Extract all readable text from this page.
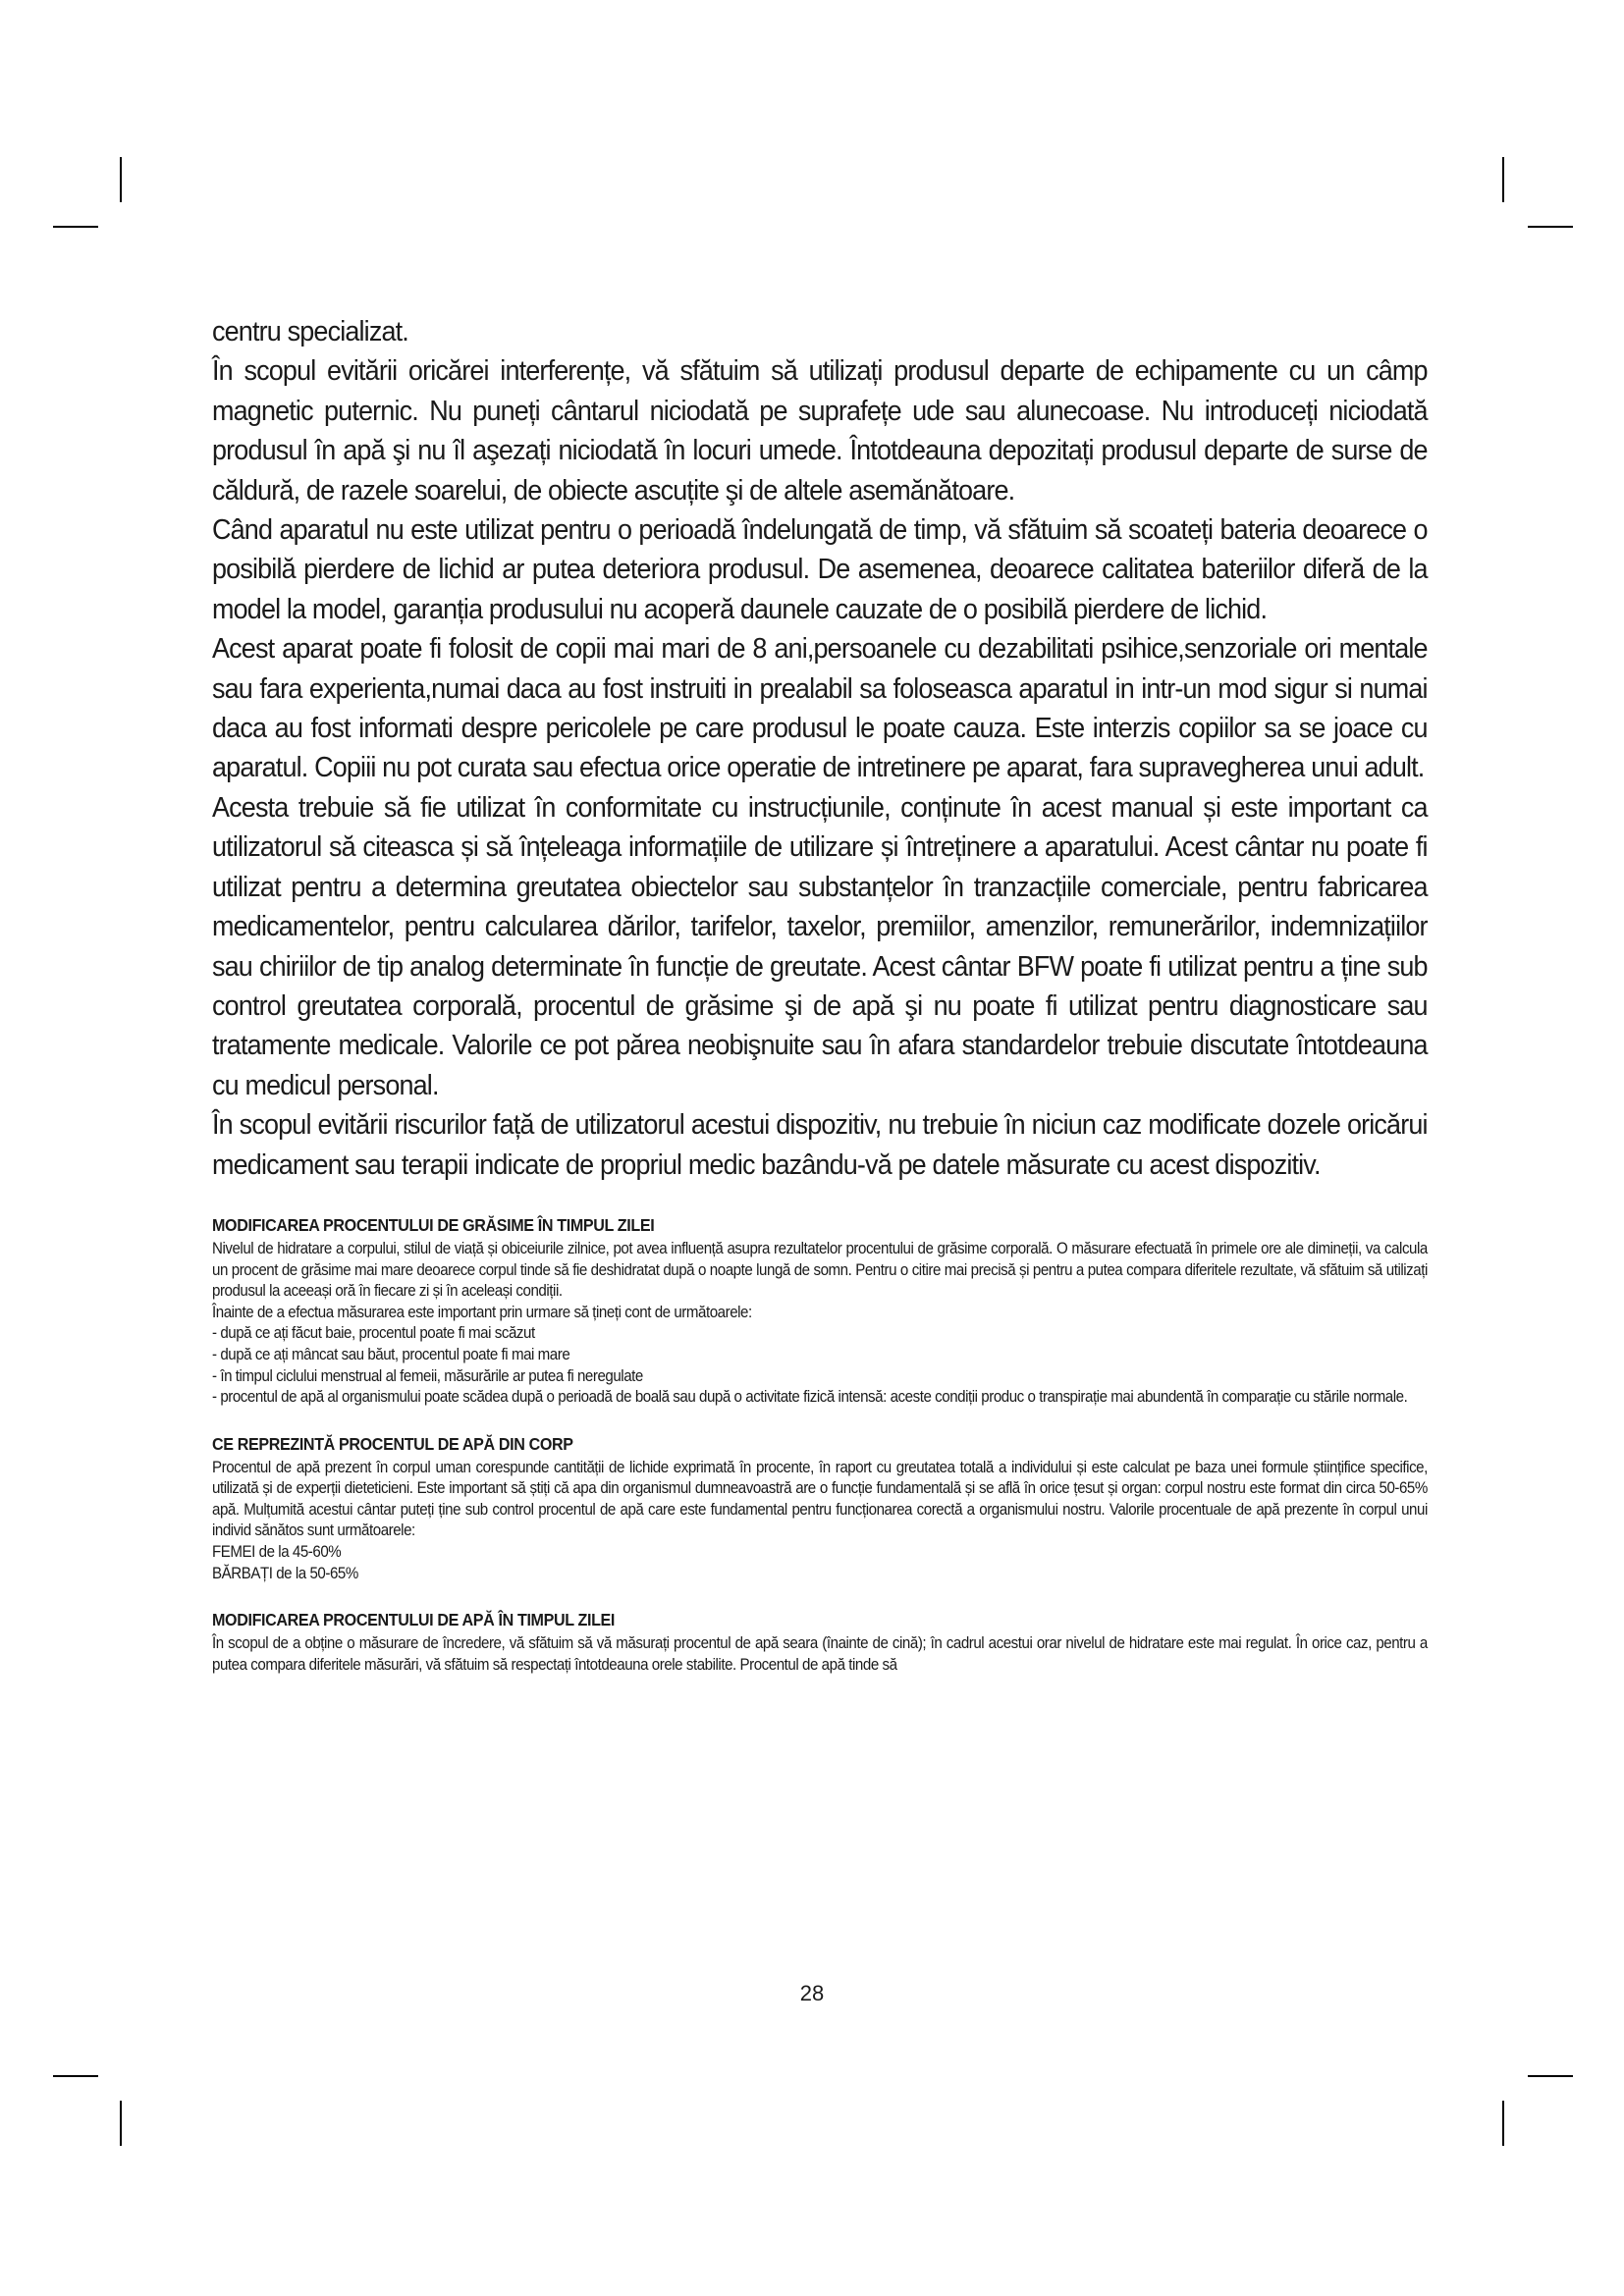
centru specializat.

În scopul evitării oricărei interferențe, vă sfătuim să utilizați produsul departe de echipamente cu un câmp magnetic puternic. Nu puneți cântarul niciodată pe suprafețe ude sau alunecoase. Nu introduceți niciodată produsul în apă şi nu îl aşezați niciodată în locuri umede. Întotdeauna depozitați produsul departe de surse de căldură, de razele soarelui, de obiecte ascuțite şi de altele asemănătoare.

Când aparatul nu este utilizat pentru o perioadă îndelungată de timp, vă sfătuim să scoateți bateria deoarece o posibilă pierdere de lichid ar putea deteriora produsul. De asemenea, deoarece calitatea bateriilor diferă de la model la model, garanția produsului nu acoperă daunele cauzate de o posibilă pierdere de lichid.

Acest aparat poate fi folosit de copii mai mari de 8 ani,persoanele cu dezabilitati psihice,senzoriale ori mentale sau fara experienta,numai daca au fost instruiti in prealabil sa foloseasca aparatul in intr-un mod sigur si numai daca au fost informati despre pericolele pe care produsul le poate cauza. Este interzis copiilor sa se joace cu aparatul. Copiii nu pot curata sau efectua orice operatie de intretinere pe aparat, fara supravegherea unui adult.

Acesta trebuie să fie utilizat în conformitate cu instrucțiunile, conținute în acest manual și este important ca utilizatorul să citeasca și să înțeleaga informațiile de utilizare și întreținere a aparatului. Acest cântar nu poate fi utilizat pentru a determina greutatea obiectelor sau substanțelor în tranzacțiile comerciale, pentru fabricarea medicamentelor, pentru calcularea dărilor, tarifelor, taxelor, premiilor, amenzilor, remunerărilor, indemnizațiilor sau chiriilor de tip analog determinate în funcție de greutate. Acest cântar BFW poate fi utilizat pentru a ține sub control greutatea corporală, procentul de grăsime şi de apă şi nu poate fi utilizat pentru diagnosticare sau tratamente medicale. Valorile ce pot părea neobişnuite sau în afara standardelor trebuie discutate întotdeauna cu medicul personal.

În scopul evitării riscurilor față de utilizatorul acestui dispozitiv, nu trebuie în niciun caz modificate dozele oricărui medicament sau terapii indicate de propriul medic bazându-vă pe datele măsurate cu acest dispozitiv.

MODIFICAREA PROCENTULUI DE GRĂSIME ÎN TIMPUL ZILEI

Nivelul de hidratare a corpului, stilul de viață și obiceiurile zilnice, pot avea influență asupra rezultatelor procentului de grăsime corporală. O măsurare efectuată în primele ore ale dimineții, va calcula un procent de grăsime mai mare deoarece corpul tinde să fie deshidratat după o noapte lungă de somn. Pentru o citire mai precisă și pentru a putea compara diferitele rezultate, vă sfătuim să utilizați produsul la aceeași oră în fiecare zi și în aceleași condiții.

Înainte de a efectua măsurarea este important prin urmare să țineți cont de următoarele:

- după ce ați făcut baie, procentul poate fi mai scăzut
- după ce ați mâncat sau băut, procentul poate fi mai mare
- în timpul ciclului menstrual al femeii, măsurările ar putea fi neregulate
- procentul de apă al organismului poate scădea după o perioadă de boală sau după o activitate fizică intensă: aceste condiții produc o transpirație mai abundentă în comparație cu stările normale.
CE REPREZINTĂ PROCENTUL DE APĂ DIN CORP

Procentul de apă prezent în corpul uman corespunde cantității de lichide exprimată în procente, în raport cu greutatea totală a individului și este calculat pe baza unei formule științifice specifice, utilizată și de experții dieteticieni. Este important să știți că apa din organismul dumneavoastră are o funcție fundamentală și se află în orice țesut și organ: corpul nostru este format din circa 50-65% apă. Mulțumită acestui cântar puteți ține sub control procentul de apă care este fundamental pentru funcționarea corectă a organismului nostru. Valorile procentuale de apă prezente în corpul unui individ sănătos sunt următoarele:

FEMEI de la 45-60%

BĂRBAȚI de la 50-65%

MODIFICAREA PROCENTULUI DE APĂ ÎN TIMPUL ZILEI

În scopul de a obține o măsurare de încredere, vă sfătuim să vă măsurați procentul de apă seara (înainte de cină); în cadrul acestui orar nivelul de hidratare este mai regulat. În orice caz, pentru a putea compara diferitele măsurări, vă sfătuim să respectați întotdeauna orele stabilite. Procentul de apă tinde să

28
